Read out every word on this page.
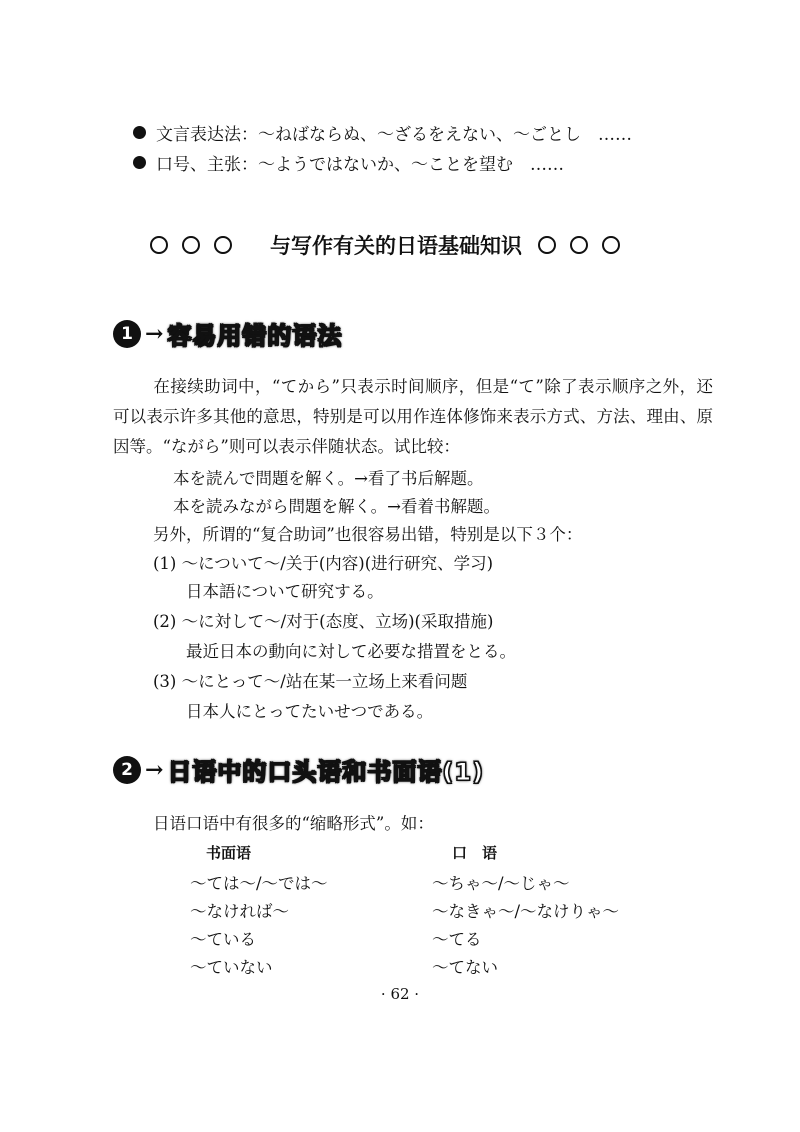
文言表达法：～ねばならぬ、～ざるをえない、～ごとし　……
口号、主张：～ようではないか、～ことを望む　……
与写作有关的日语基础知识
1 → 容易用错的语法
在接续助词中，“てから”只表示时间顺序，但是“て”除了表示顺序之外，还可以表示许多其他的意思，特别是可以用作连体修饰来表示方式、方法、理由、原因等。“ながら”则可以表示伴随状态。试比较：
本を読んで問題を解く。→看了书后解题。
本を読みながら問題を解く。→看着书解题。
另外，所谓的“复合助词”也很容易出错，特别是以下３个：
(1) ～について～/关于(内容)(进行研究、学习)
日本語について研究する。
(2) ～に対して～/对于(态度、立场)(采取措施)
最近日本の動向に対して必要な措置をとる。
(3) ～にとって～/站在某一立场上来看问题
日本人にとってたいせつである。
2 → 日语中的口头语和书面语(1)
日语口语中有很多的“缩略形式”。如：
书面语	口　语
～ては～/～では～	～ちゃ～/～じゃ～
～なければ～	～なきゃ～/～なけりゃ～
～ている	～てる
～ていない	～てない
· 62 ·
